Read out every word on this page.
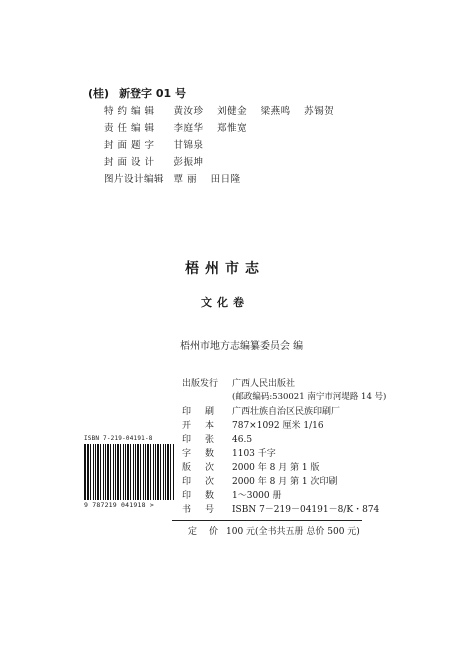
(桂) 新登字 01 号
特 约 编 辑 黄汝珍 刘健金 梁燕鸣 苏锡贺
责 任 编 辑 李庭华 郑惟宽
封 面 题 字 甘锦泉
封 面 设 计 彭振坤
图片设计编辑 覃 丽 田日隆
梧州市志
文化卷
梧州市地方志编纂委员会 编
出版发行 广西人民出版社
(邮政编码:530021 南宁市河堤路 14 号)
印刷 广西壮族自治区民族印刷厂
开本 787×1092 厘米 1/16
印张 46.5
字数 1103 千字
版次 2000 年 8 月 第 1 版
印次 2000 年 8 月 第 1 次印刷
印数 1～3000 册
书号 ISBN 7－219－04191－8/K・874
ISBN 7-219-04191-8
9 787219 041918 >
定价100 元(全书共五册 总价 500 元)
